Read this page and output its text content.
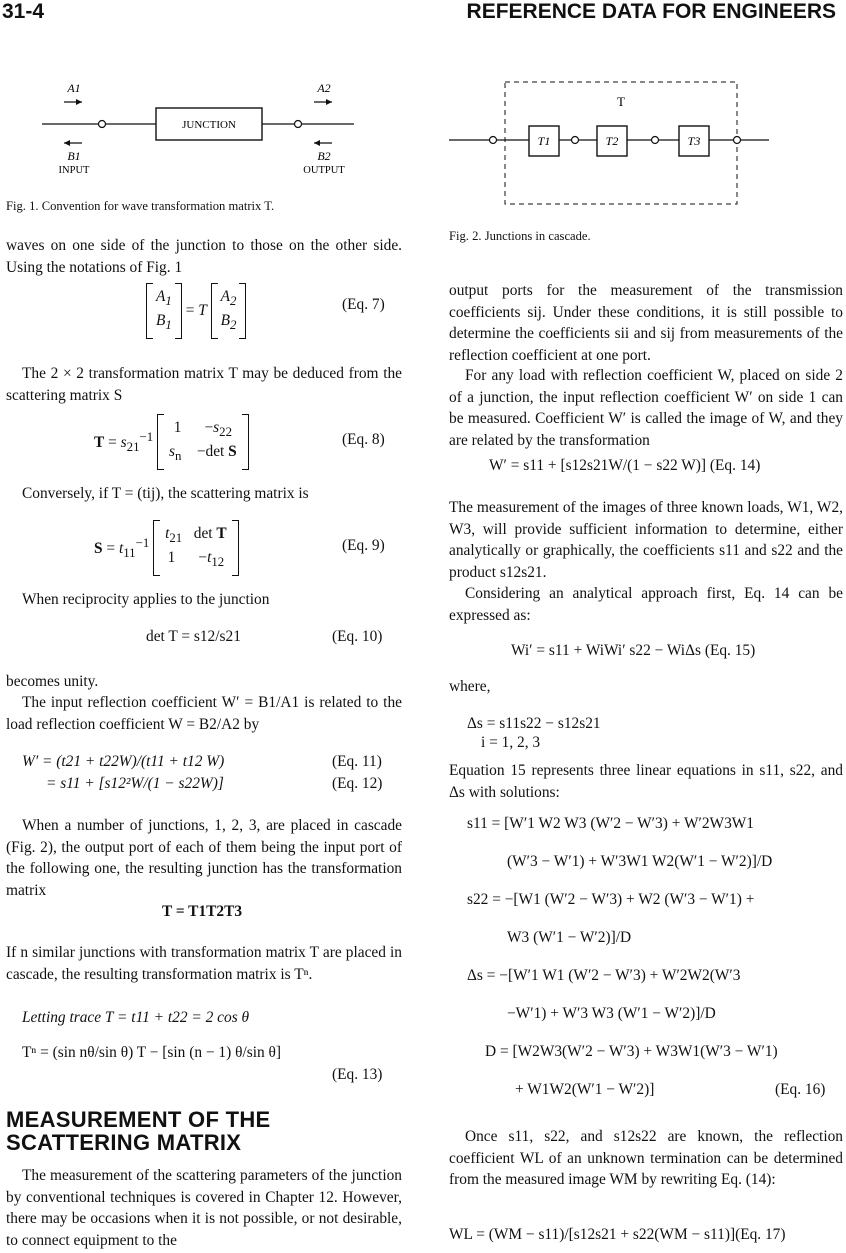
31-4	REFERENCE DATA FOR ENGINEERS
JUNCTION
A1	A2
B1
INPUT
B2
OUTPUT
Fig. 1. Convention for wave transformation matrix T.
waves on one side of the junction to those on the other side. Using the notations of Fig. 1
$A_1$
$B_1$
= T
$A_2$
$B_2$
(Eq. 7)
The 2 × 2 transformation matrix T may be deduced from the scattering matrix S
$T = s_{21}^{-1}$
1      $-s_{22}$
$s_n$    −det S
(Eq. 8)
Conversely, if T = (tij), the scattering matrix is
$S = t_{11}^{-1}$
$t_{21}$   det T
1      $-t_{12}$
(Eq. 9)
When reciprocity applies to the junction
det T = s12/s21	(Eq. 10)
becomes unity.
The input reflection coefficient W′ = B1/A1 is related to the load reflection coefficient W = B2/A2 by
W′ = (t21 + t22W)/(t11 + t12 W)	(Eq. 11)
= s11 + [s12²W/(1 − s22W)]	(Eq. 12)
When a number of junctions, 1, 2, 3, are placed in cascade (Fig. 2), the output port of each of them being the input port of the following one, the resulting junction has the transformation matrix
T = T1T2T3
If n similar junctions with transformation matrix T are placed in cascade, the resulting transformation matrix is Tⁿ.
Letting trace T = t11 + t22 = 2 cos θ
Tⁿ = (sin nθ/sin θ) T − [sin (n − 1) θ/sin θ]
(Eq. 13)
MEASUREMENT OF THE
SCATTERING MATRIX
The measurement of the scattering parameters of the junction by conventional techniques is covered in Chapter 12. However, there may be occasions when it is not possible, or not desirable, to connect equipment to the
T
T1	T2	T3
Fig. 2. Junctions in cascade.
output ports for the measurement of the transmission coefficients sij. Under these conditions, it is still possible to determine the coefficients sii and sij from measurements of the reflection coefficient at one port.
For any load with reflection coefficient W, placed on side 2 of a junction, the input reflection coefficient W′ on side 1 can be measured. Coefficient W′ is called the image of W, and they are related by the transformation
W′ = s11 + [s12s21W/(1 − s22 W)] (Eq. 14)
The measurement of the images of three known loads, W1, W2, W3, will provide sufficient information to determine, either analytically or graphically, the coefficients s11 and s22 and the product s12s21.
Considering an analytical approach first, Eq. 14 can be expressed as:
Wi′ = s11 + WiWi′ s22 − WiΔs (Eq. 15)
where,
Δs = s11s22 − s12s21
i = 1, 2, 3
Equation 15 represents three linear equations in s11, s22, and Δs with solutions:
s11 = [W′1 W2 W3 (W′2 − W′3) + W′2W3W1
(W′3 − W′1) + W′3W1 W2(W′1 − W′2)]/D
s22 = −[W1 (W′2 − W′3) + W2 (W′3 − W′1) +
W3 (W′1 − W′2)]/D
Δs = −[W′1 W1 (W′2 − W′3) + W′2W2(W′3
−W′1) + W′3 W3 (W′1 − W′2)]/D
D = [W2W3(W′2 − W′3) + W3W1(W′3 − W′1)
+ W1W2(W′1 − W′2)]	(Eq. 16)
Once s11, s22, and s12s22 are known, the reflection coefficient WL of an unknown termination can be determined from the measured image WM by rewriting Eq. (14):
WL = (WM − s11)/[s12s21 + s22(WM − s11)](Eq. 17)
